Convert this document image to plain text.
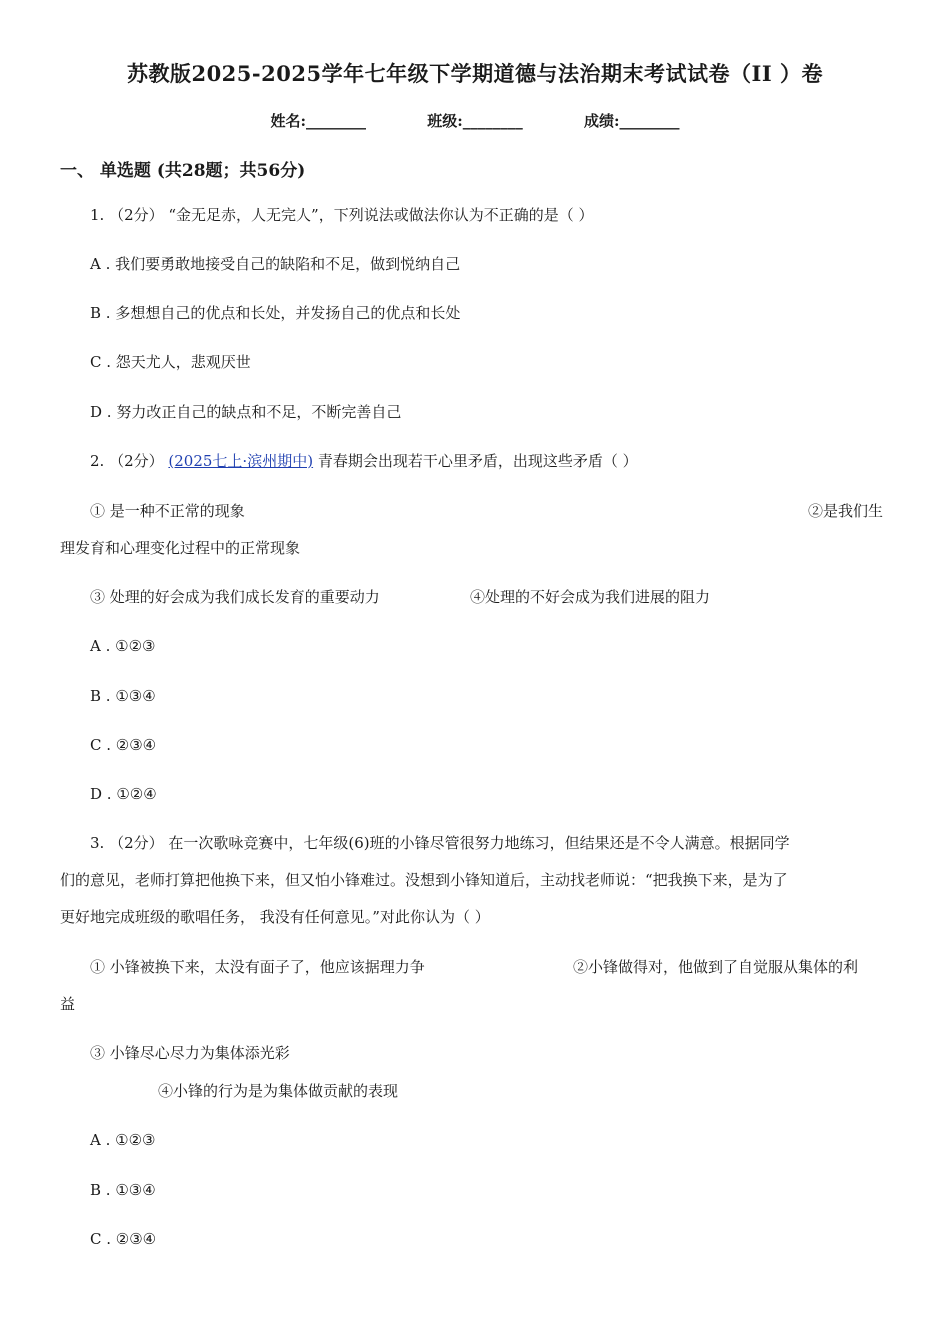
苏教版2025-2025学年七年级下学期道德与法治期末考试试卷（II ）卷
姓名:________	班级:________	成绩:________
一、 单选题 (共28题；共56分)
1. （2分） “金无足赤，人无完人”，下列说法或做法你认为不正确的是（ ）
A . 我们要勇敢地接受自己的缺陷和不足，做到悦纳自己
B . 多想想自己的优点和长处，并发扬自己的优点和长处
C . 怨天尤人，悲观厌世
D . 努力改正自己的缺点和不足，不断完善自己
2. （2分） (2025七上·滨州期中) 青春期会出现若干心里矛盾，出现这些矛盾（ ）
① 是一种不正常的现象	②是我们生
理发育和心理变化过程中的正常现象
③ 处理的好会成为我们成长发育的重要动力	④处理的不好会成为我们进展的阻力
A . ①②③
B . ①③④
C . ②③④
D . ①②④
3. （2分） 在一次歌咏竞赛中，七年级(6)班的小锋尽管很努力地练习，但结果还是不令人满意。根据同学
们的意见，老师打算把他换下来，但又怕小锋难过。没想到小锋知道后，主动找老师说：“把我换下来，是为了
更好地完成班级的歌唱任务， 我没有任何意见。”对此你认为（ ）
① 小锋被换下来，太没有面子了，他应该据理力争	②小锋做得对，他做到了自觉服从集体的利
益
③ 小锋尽心尽力为集体添光彩
④小锋的行为是为集体做贡献的表现
A . ①②③
B . ①③④
C . ②③④
